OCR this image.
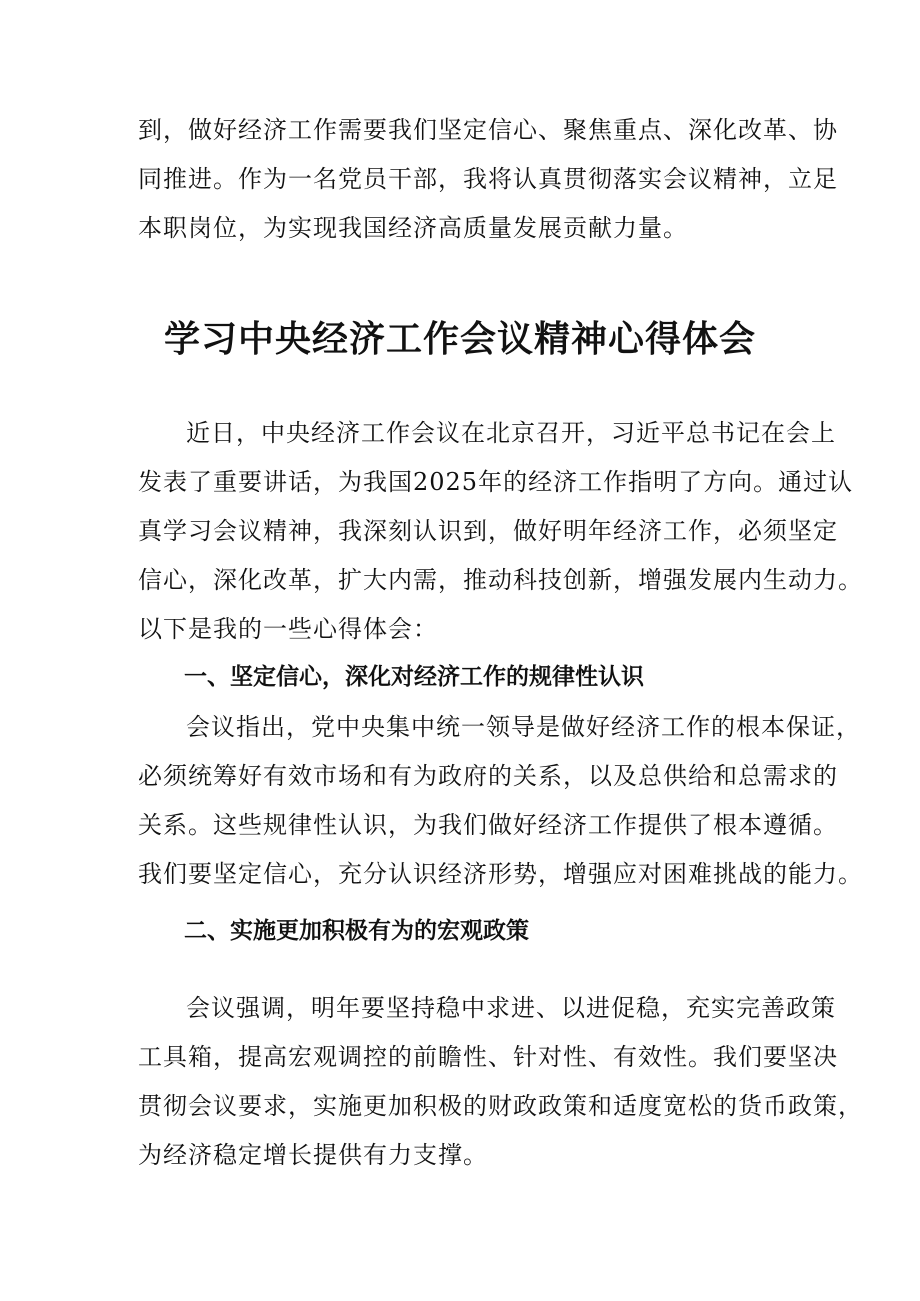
到，做好经济工作需要我们坚定信心、聚焦重点、深化改革、协

同推进。作为一名党员干部，我将认真贯彻落实会议精神，立足

本职岗位，为实现我国经济高质量发展贡献力量。

学习中央经济工作会议精神心得体会

近日，中央经济工作会议在北京召开，习近平总书记在会上

发表了重要讲话，为我国2025年的经济工作指明了方向。通过认

真学习会议精神，我深刻认识到，做好明年经济工作，必须坚定

信心，深化改革，扩大内需，推动科技创新，增强发展内生动力。

以下是我的一些心得体会：

一、坚定信心，深化对经济工作的规律性认识

会议指出，党中央集中统一领导是做好经济工作的根本保证，

必须统筹好有效市场和有为政府的关系，以及总供给和总需求的

关系。这些规律性认识，为我们做好经济工作提供了根本遵循。

我们要坚定信心，充分认识经济形势，增强应对困难挑战的能力。

二、实施更加积极有为的宏观政策

会议强调，明年要坚持稳中求进、以进促稳，充实完善政策

工具箱，提高宏观调控的前瞻性、针对性、有效性。我们要坚决

贯彻会议要求，实施更加积极的财政政策和适度宽松的货币政策，

为经济稳定增长提供有力支撑。
